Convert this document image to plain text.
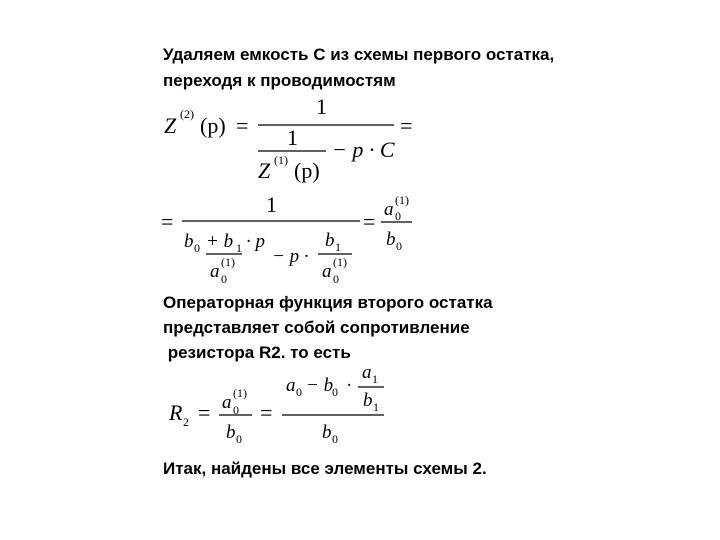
Удаляем емкость С из схемы первого остатка,
переходя к проводимостям
Операторная функция второго остатка
представляет собой сопротивление
резистора R2. то есть
Итак, найдены все элементы схемы 2.
Z (2) (p) =
1
1
Z (1) (p)
− p · C
=
=
1
b 0 + b 1 · p
− p ·
b 1
a (1)
0
a (1)
0
= a (1)
0
b 0
R 2 = a (1)
0
b 0
=
a 0 − b
0 ·
a 1
b 1
b 0
